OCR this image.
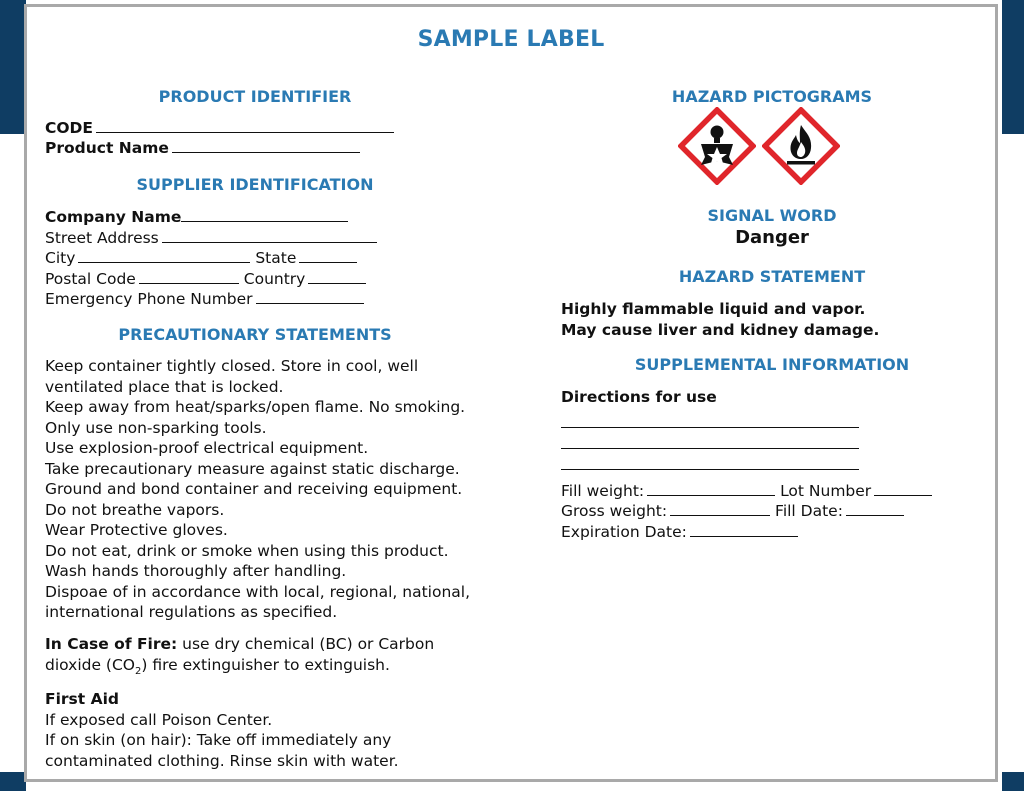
SAMPLE LABEL
PRODUCT IDENTIFIER
CODE
Product Name
SUPPLIER IDENTIFICATION
Company Name
Street Address
City	State
Postal Code	Country
Emergency Phone Number
PRECAUTIONARY STATEMENTS
Keep container tightly closed. Store in cool, well
ventilated place that is locked.
Keep away from heat/sparks/open flame. No smoking.
Only use non-sparking tools.
Use explosion-proof electrical equipment.
Take precautionary measure against static discharge.
Ground and bond container and receiving equipment.
Do not breathe vapors.
Wear Protective gloves.
Do not eat, drink or smoke when using this product.
Wash hands thoroughly after handling.
Dispoae of in accordance with local, regional, national,
international regulations as specified.
In Case of Fire: use dry chemical (BC) or Carbon
dioxide $(CO_2)$ fire extinguisher to extinguish.
First Aid
If exposed call Poison Center.
If on skin (on hair): Take off immediately any
contaminated clothing. Rinse skin with water.
HAZARD PICTOGRAMS
SIGNAL WORD
Danger
HAZARD STATEMENT
Highly flammable liquid and vapor.
May cause liver and kidney damage.
SUPPLEMENTAL INFORMATION
Directions for use
Fill weight:	Lot Number
Gross weight:	Fill Date:
Expiration Date:
